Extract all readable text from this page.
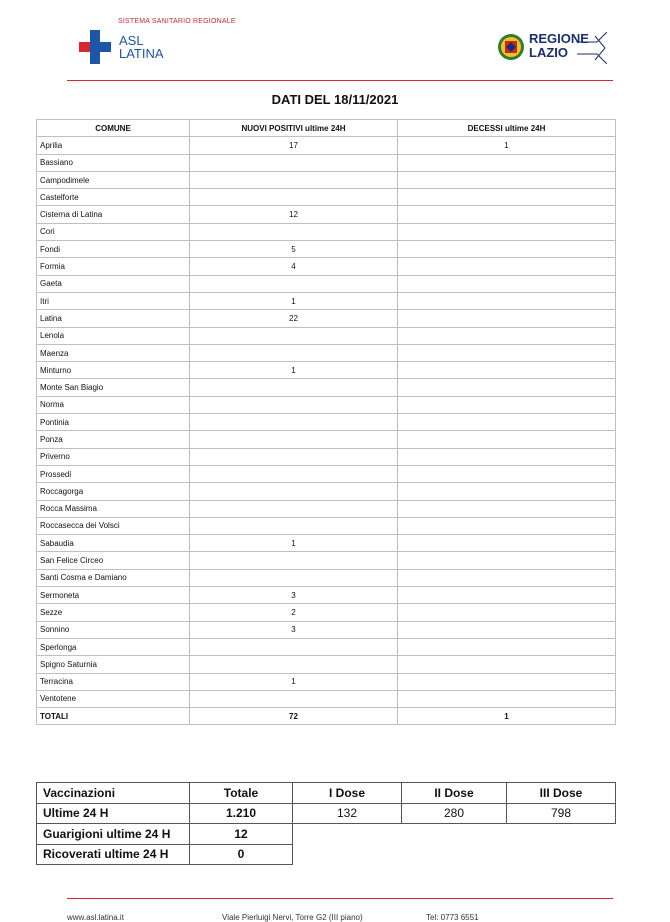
SISTEMA SANITARIO REGIONALE
ASL
LATINA
REGIONE
LAZIO
DATI DEL 18/11/2021
COMUNE	NUOVI POSITIVI ultime 24H	DECESSI ultime 24H
Aprilia	17	1
Bassiano		
Campodimele		
Castelforte		
Cisterna di Latina	12	
Cori		
Fondi	5	
Formia	4	
Gaeta		
Itri	1	
Latina	22	
Lenola		
Maenza		
Minturno	1	
Monte San Biagio		
Norma		
Pontinia		
Ponza		
Priverno		
Prossedi		
Roccagorga		
Rocca Massima		
Roccasecca dei Volsci		
Sabaudia	1	
San Felice Circeo		
Santi Cosma e Damiano		
Sermoneta	3	
Sezze	2	
Sonnino	3	
Sperlonga		
Spigno Saturnia		
Terracina	1	
Ventotene		
TOTALI	72	1
Vaccinazioni	Totale	I Dose	II Dose	III Dose
Ultime 24 H	1.210	132	280	798
Guarigioni ultime 24 H	12			
Ricoverati ultime 24 H	0			
www.asl.latina.it	Viale Pierluigi Nervi, Torre G2 (III piano)	Tel: 0773 6551
